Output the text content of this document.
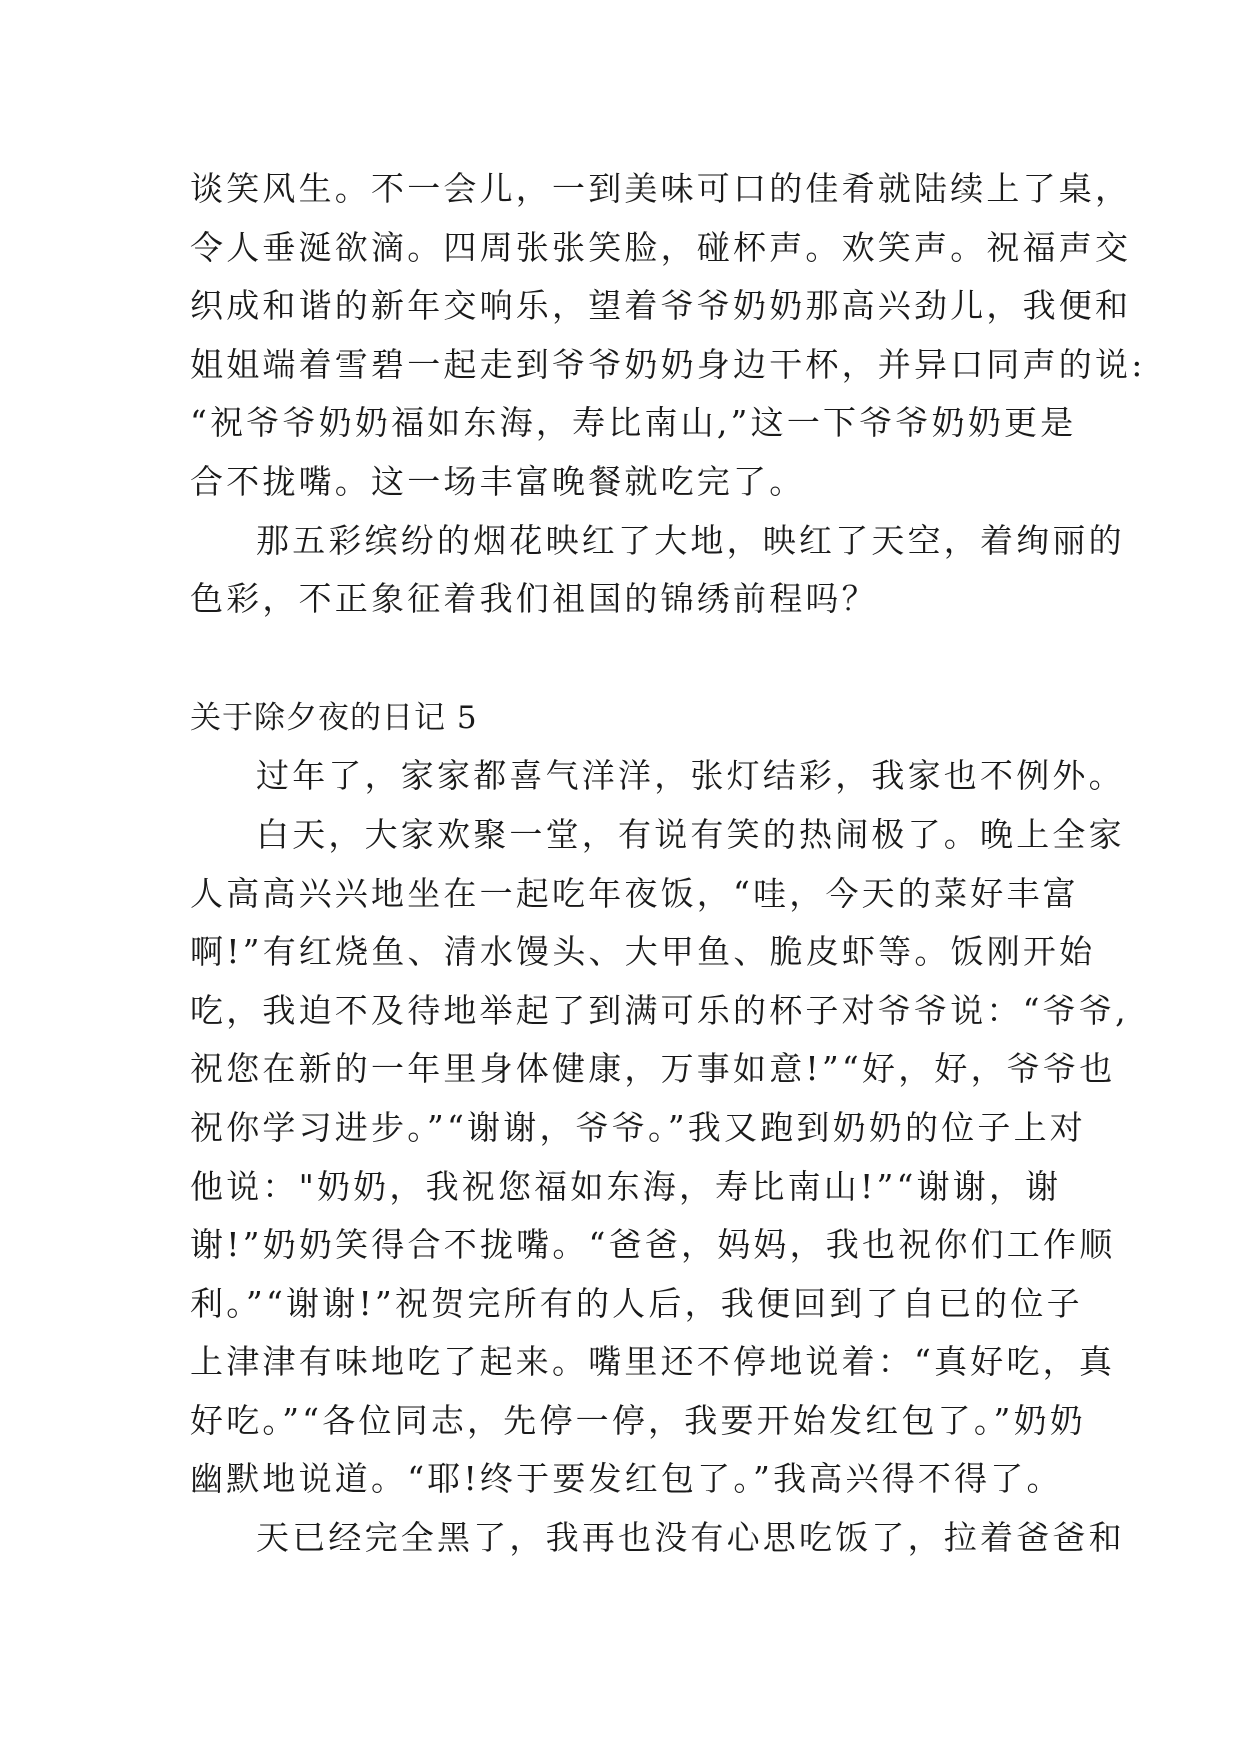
谈笑风生。不一会儿，一到美味可口的佳肴就陆续上了桌，
令人垂涎欲滴。四周张张笑脸，碰杯声。欢笑声。祝福声交
织成和谐的新年交响乐，望着爷爷奶奶那高兴劲儿，我便和
姐姐端着雪碧一起走到爷爷奶奶身边干杯，并异口同声的说:
“祝爷爷奶奶福如东海，寿比南山,”这一下爷爷奶奶更是
合不拢嘴。这一场丰富晚餐就吃完了。
那五彩缤纷的烟花映红了大地，映红了天空，着绚丽的
色彩，不正象征着我们祖国的锦绣前程吗？
关于除夕夜的日记 5
过年了，家家都喜气洋洋，张灯结彩，我家也不例外。
白天，大家欢聚一堂，有说有笑的热闹极了。晚上全家
人高高兴兴地坐在一起吃年夜饭，“哇，今天的菜好丰富
啊!”有红烧鱼、清水馒头、大甲鱼、脆皮虾等。饭刚开始
吃，我迫不及待地举起了到满可乐的杯子对爷爷说：“爷爷,
祝您在新的一年里身体健康，万事如意!”“好，好，爷爷也
祝你学习进步。”“谢谢，爷爷。”我又跑到奶奶的位子上对
他说："奶奶，我祝您福如东海，寿比南山!”“谢谢，谢
谢!”奶奶笑得合不拢嘴。“爸爸，妈妈，我也祝你们工作顺
利。”“谢谢!”祝贺完所有的人后，我便回到了自已的位子
上津津有味地吃了起来。嘴里还不停地说着：“真好吃，真
好吃。”“各位同志，先停一停，我要开始发红包了。”奶奶
幽默地说道。“耶!终于要发红包了。”我高兴得不得了。
天已经完全黑了，我再也没有心思吃饭了，拉着爸爸和
